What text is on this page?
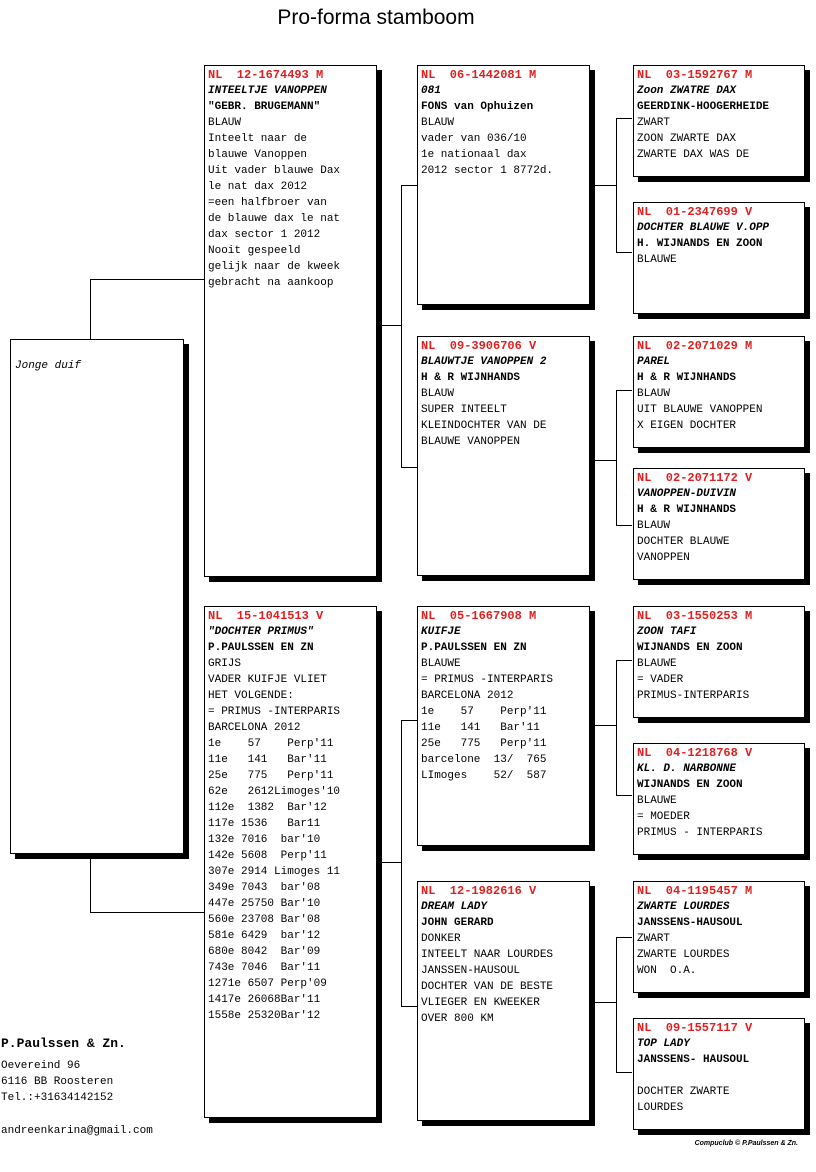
Pro-forma stamboom
Jonge duif
NL  12-1674493 M
INTEELTJE VANOPPEN
"GEBR. BRUGEMANN"
BLAUW
Inteelt naar de
blauwe Vanoppen
Uit vader blauwe Dax
le nat dax 2012
=een halfbroer van
de blauwe dax le nat
dax sector 1 2012
Nooit gespeeld
gelijk naar de kweek
gebracht na aankoop
NL  15-1041513 V
"DOCHTER PRIMUS"
P.PAULSSEN EN ZN
GRIJS
VADER KUIFJE VLIET
HET VOLGENDE:
= PRIMUS -INTERPARIS
BARCELONA 2012
1e    57    Perp'11
11e   141   Bar'11
25e   775   Perp'11
62e   2612Limoges'10
112e  1382  Bar'12
117e 1536   Bar11
132e 7016  bar'10
142e 5608  Perp'11
307e 2914 Limoges 11
349e 7043  bar'08
447e 25750 Bar'10
560e 23708 Bar'08
581e 6429  bar'12
680e 8042  Bar'09
743e 7046  Bar'11
1271e 6507 Perp'09
1417e 26068Bar'11
1558e 25320Bar'12
NL  06-1442081 M
081
FONS van Ophuizen
BLAUW
vader van 036/10
1e nationaal dax
2012 sector 1 8772d.
NL  09-3906706 V
BLAUWTJE VANOPPEN 2
H & R WIJNHANDS
BLAUW
SUPER INTEELT
KLEINDOCHTER VAN DE
BLAUWE VANOPPEN
NL  05-1667908 M
KUIFJE
P.PAULSSEN EN ZN
BLAUWE
= PRIMUS -INTERPARIS
BARCELONA 2012
1e    57    Perp'11
11e   141   Bar'11
25e   775   Perp'11
barcelone  13/  765
LImoges    52/  587
NL  12-1982616 V
DREAM LADY
JOHN GERARD
DONKER
INTEELT NAAR LOURDES
JANSSEN-HAUSOUL
DOCHTER VAN DE BESTE
VLIEGER EN KWEEKER
OVER 800 KM
NL  03-1592767 M
Zoon ZWATRE DAX
GEERDINK-HOOGERHEIDE
ZWART
ZOON ZWARTE DAX
ZWARTE DAX WAS DE
NL  01-2347699 V
DOCHTER BLAUWE V.OPP
H. WIJNANDS EN ZOON
BLAUWE
NL  02-2071029 M
PAREL
H & R WIJNHANDS
BLAUW
UIT BLAUWE VANOPPEN
X EIGEN DOCHTER
NL  02-2071172 V
VANOPPEN-DUIVIN
H & R WIJNHANDS
BLAUW
DOCHTER BLAUWE
VANOPPEN
NL  03-1550253 M
ZOON TAFI
WIJNANDS EN ZOON
BLAUWE
= VADER
PRIMUS-INTERPARIS
NL  04-1218768 V
KL. D. NARBONNE
WIJNANDS EN ZOON
BLAUWE
= MOEDER
PRIMUS - INTERPARIS
NL  04-1195457 M
ZWARTE LOURDES
JANSSENS-HAUSOUL
ZWART
ZWARTE LOURDES
WON  O.A.
NL  09-1557117 V
TOP LADY
JANSSENS- HAUSOUL
DOCHTER ZWARTE
LOURDES
P.Paulssen & Zn.
Oevereind 96
6116 BB Roosteren
Tel.:+31634142152
andreenkarina@gmail.com
Compuclub © P.Paulssen & Zn.
